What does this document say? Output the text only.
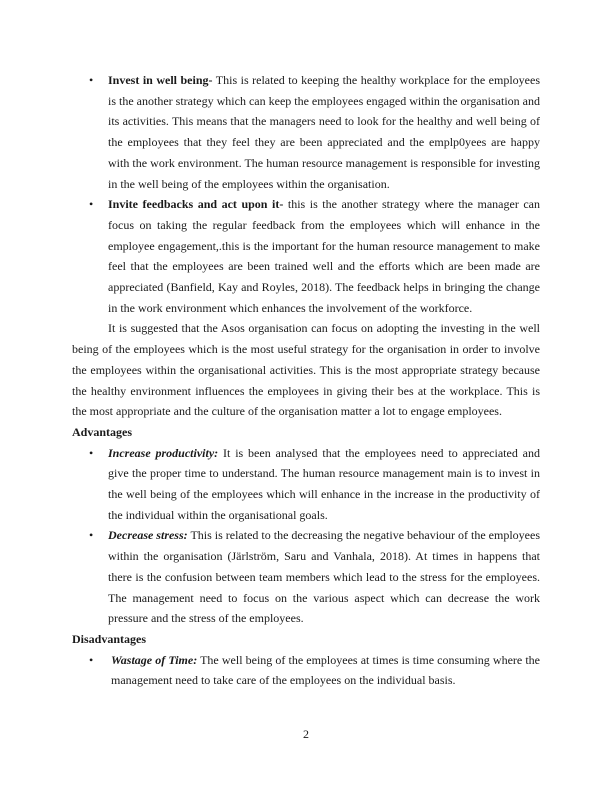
• Invest in well being- This is related to keeping the healthy workplace for the employees is the another strategy which can keep the employees engaged within the organisation and its activities. This means that the managers need to look for the healthy and well being of the employees that they feel they are been appreciated and the emplp0yees are happy with the work environment. The human resource management is responsible for investing in the well being of the employees within the organisation.
• Invite feedbacks and act upon it- this is the another strategy where the manager can focus on taking the regular feedback from the employees which will enhance in the employee engagement,.this is the important for the human resource management to make feel that the employees are been trained well and the efforts which are been made are appreciated (Banfield, Kay and Royles, 2018). The feedback helps in bringing the change in the work environment which enhances the involvement of the workforce.

It is suggested that the Asos organisation can focus on adopting the investing in the well being of the employees which is the most useful strategy for the organisation in order to involve the employees within the organisational activities. This is the most appropriate strategy because the healthy environment influences the employees in giving their bes at the workplace. This is the most appropriate and the culture of the organisation matter a lot to engage employees.

Advantages

• Increase productivity: It is been analysed that the employees need to appreciated and give the proper time to understand. The human resource management main is to invest in the well being of the employees which will enhance in the increase in the productivity of the individual within the organisational goals.
• Decrease stress: This is related to the decreasing the negative behaviour of the employees within the organisation (Järlström, Saru and Vanhala, 2018). At times in happens that there is the confusion between team members which lead to the stress for the employees. The management need to focus on the various aspect which can decrease the work pressure and the stress of the employees.

Disadvantages

• Wastage of Time: The well being of the employees at times is time consuming where the management need to take care of the employees on the individual basis.
2
